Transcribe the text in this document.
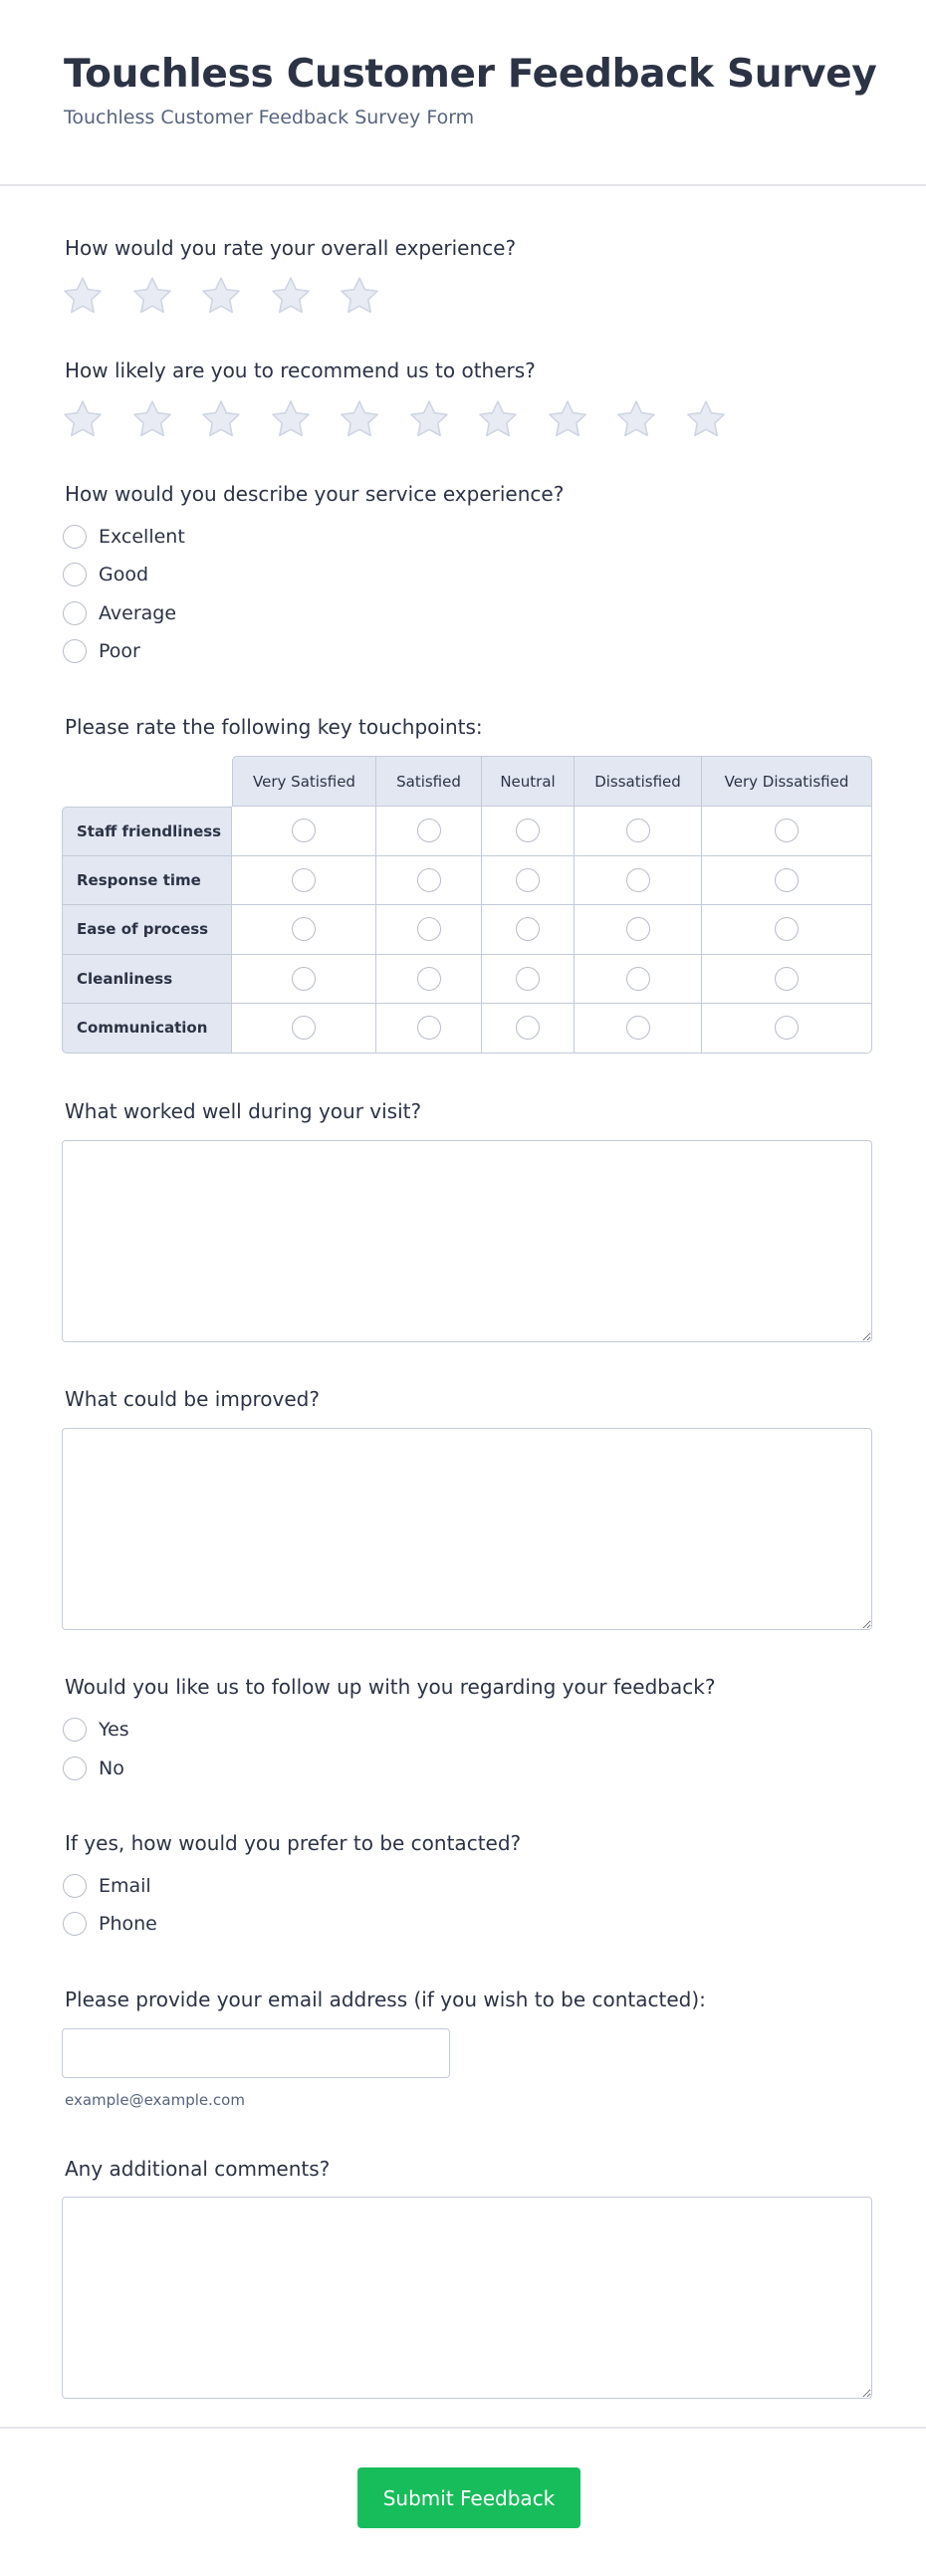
Touchless Customer Feedback Survey
Touchless Customer Feedback Survey Form
How would you rate your overall experience?
How likely are you to recommend us to others?
How would you describe your service experience?
Excellent
Good
Average
Poor
Please rate the following key touchpoints:
	Very Satisfied	Satisfied	Neutral	Dissatisfied	Very Dissatisfied
Staff friendliness					
Response time					
Ease of process					
Cleanliness					
Communication					
What worked well during your visit?
What could be improved?
Would you like us to follow up with you regarding your feedback?
Yes
No
If yes, how would you prefer to be contacted?
Email
Phone
Please provide your email address (if you wish to be contacted):
example@example.com
Any additional comments?
Submit Feedback
